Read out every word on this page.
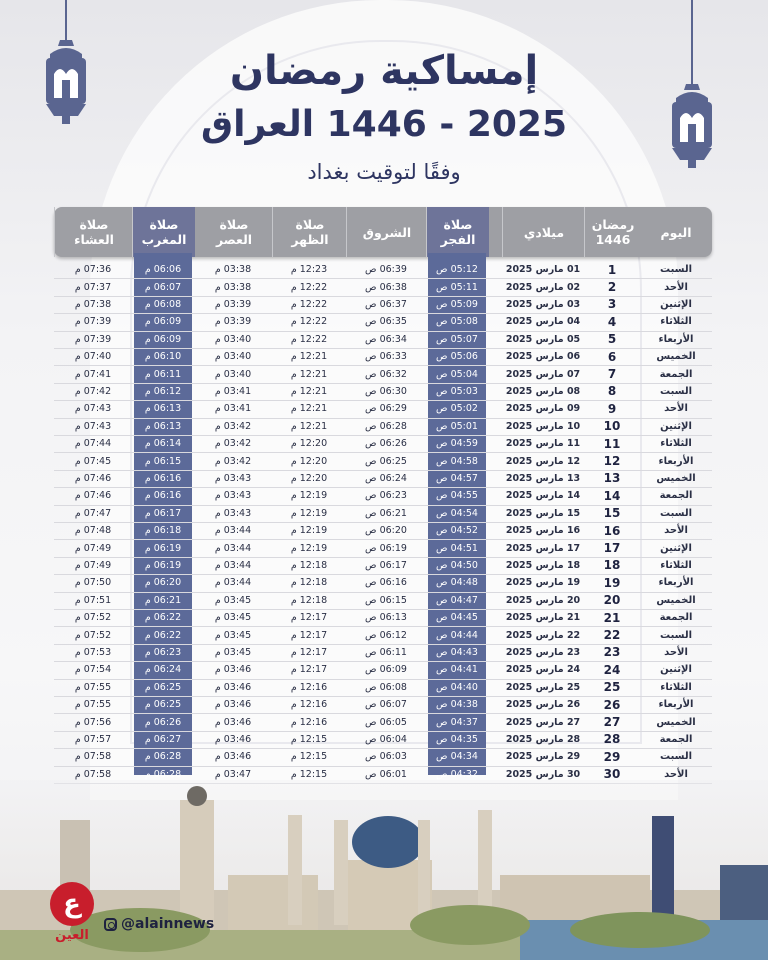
إمساكية رمضان
2025 - 1446 العراق
وفقًا لتوقيت بغداد
اليوم
رمضان
1446
ميلادي
صلاة
الفجر
الشروق
صلاة
الظهر
صلاة
العصر
صلاة
المغرب
صلاة
العشاء
السبت
1
01 مارس 2025
05:12 ص
06:39 ص
12:23 م
03:38 م
06:06 م
07:36 م
الأحد
2
02 مارس 2025
05:11 ص
06:38 ص
12:22 م
03:38 م
06:07 م
07:37 م
الإثنين
3
03 مارس 2025
05:09 ص
06:37 ص
12:22 م
03:39 م
06:08 م
07:38 م
الثلاثاء
4
04 مارس 2025
05:08 ص
06:35 ص
12:22 م
03:39 م
06:09 م
07:39 م
الأربعاء
5
05 مارس 2025
05:07 ص
06:34 ص
12:22 م
03:40 م
06:09 م
07:39 م
الخميس
6
06 مارس 2025
05:06 ص
06:33 ص
12:21 م
03:40 م
06:10 م
07:40 م
الجمعة
7
07 مارس 2025
05:04 ص
06:32 ص
12:21 م
03:40 م
06:11 م
07:41 م
السبت
8
08 مارس 2025
05:03 ص
06:30 ص
12:21 م
03:41 م
06:12 م
07:42 م
الأحد
9
09 مارس 2025
05:02 ص
06:29 ص
12:21 م
03:41 م
06:13 م
07:43 م
الإثنين
10
10 مارس 2025
05:01 ص
06:28 ص
12:21 م
03:42 م
06:13 م
07:43 م
الثلاثاء
11
11 مارس 2025
04:59 ص
06:26 ص
12:20 م
03:42 م
06:14 م
07:44 م
الأربعاء
12
12 مارس 2025
04:58 ص
06:25 ص
12:20 م
03:42 م
06:15 م
07:45 م
الخميس
13
13 مارس 2025
04:57 ص
06:24 ص
12:20 م
03:43 م
06:16 م
07:46 م
الجمعة
14
14 مارس 2025
04:55 ص
06:23 ص
12:19 م
03:43 م
06:16 م
07:46 م
السبت
15
15 مارس 2025
04:54 ص
06:21 ص
12:19 م
03:43 م
06:17 م
07:47 م
الأحد
16
16 مارس 2025
04:52 ص
06:20 ص
12:19 م
03:44 م
06:18 م
07:48 م
الإثنين
17
17 مارس 2025
04:51 ص
06:19 ص
12:19 م
03:44 م
06:19 م
07:49 م
الثلاثاء
18
18 مارس 2025
04:50 ص
06:17 ص
12:18 م
03:44 م
06:19 م
07:49 م
الأربعاء
19
19 مارس 2025
04:48 ص
06:16 ص
12:18 م
03:44 م
06:20 م
07:50 م
الخميس
20
20 مارس 2025
04:47 ص
06:15 ص
12:18 م
03:45 م
06:21 م
07:51 م
الجمعة
21
21 مارس 2025
04:45 ص
06:13 ص
12:17 م
03:45 م
06:22 م
07:52 م
السبت
22
22 مارس 2025
04:44 ص
06:12 ص
12:17 م
03:45 م
06:22 م
07:52 م
الأحد
23
23 مارس 2025
04:43 ص
06:11 ص
12:17 م
03:45 م
06:23 م
07:53 م
الإثنين
24
24 مارس 2025
04:41 ص
06:09 ص
12:17 م
03:46 م
06:24 م
07:54 م
الثلاثاء
25
25 مارس 2025
04:40 ص
06:08 ص
12:16 م
03:46 م
06:25 م
07:55 م
الأربعاء
26
26 مارس 2025
04:38 ص
06:07 ص
12:16 م
03:46 م
06:25 م
07:55 م
الخميس
27
27 مارس 2025
04:37 ص
06:05 ص
12:16 م
03:46 م
06:26 م
07:56 م
الجمعة
28
28 مارس 2025
04:35 ص
06:04 ص
12:15 م
03:46 م
06:27 م
07:57 م
السبت
29
29 مارس 2025
04:34 ص
06:03 ص
12:15 م
03:46 م
06:28 م
07:58 م
الأحد
30
30 مارس 2025
04:32 ص
06:01 ص
12:15 م
03:47 م
06:28 م
07:58 م
ع
العين
@alainnews
